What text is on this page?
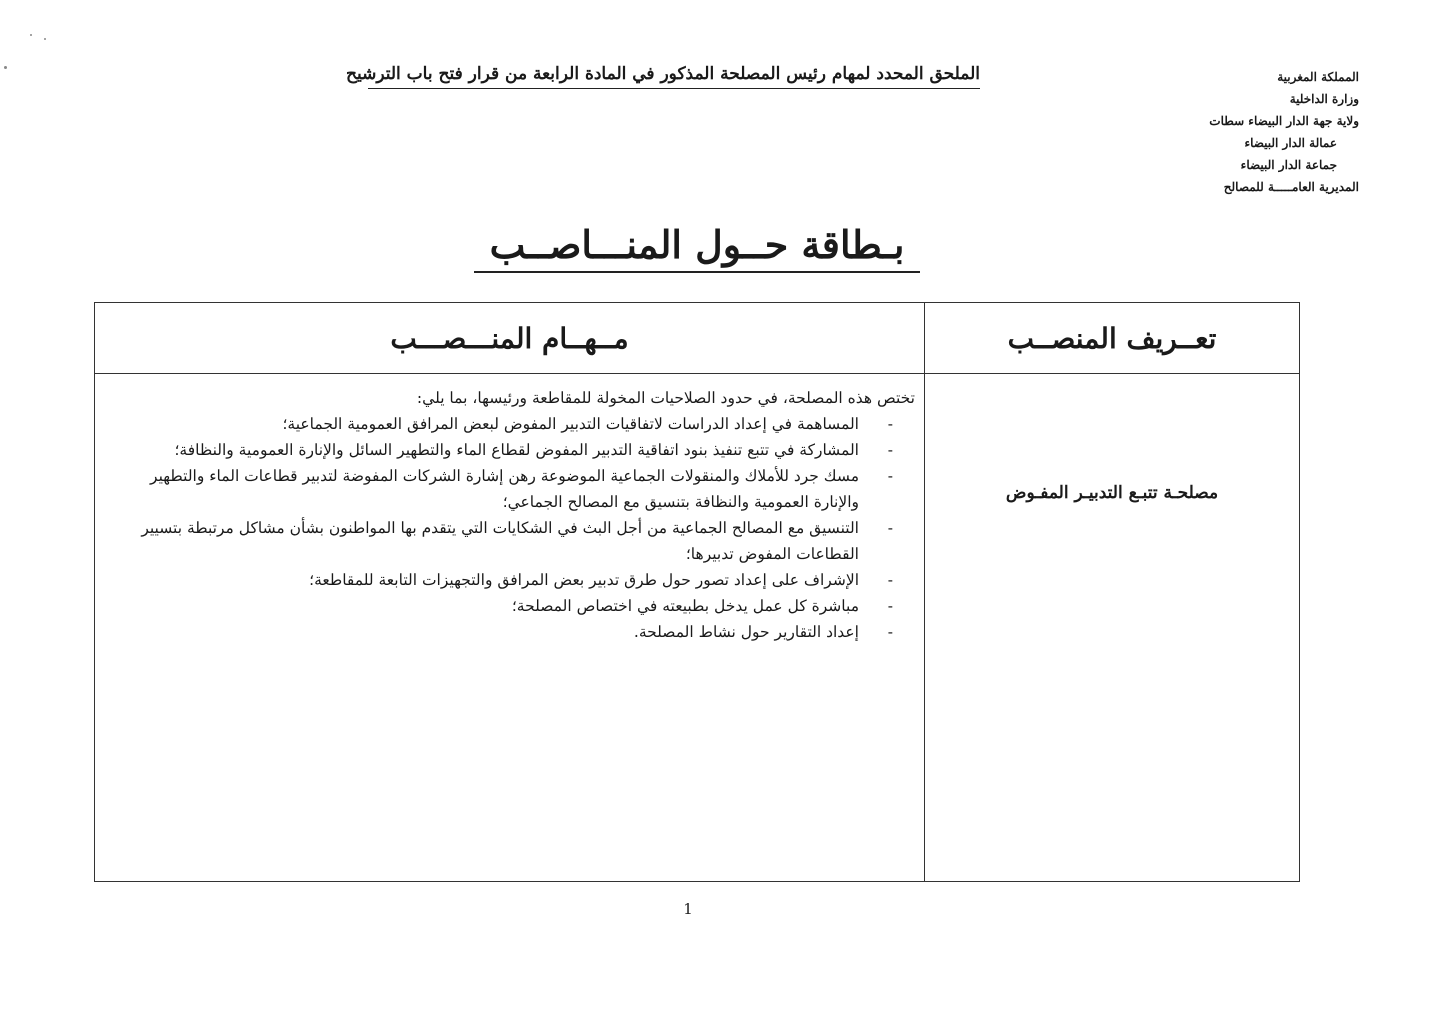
المملكة المغربية
وزارة الداخلية
ولاية جهة الدار البيضاء سطات
عمالة الدار البيضاء
جماعة الدار البيضاء
المديرية العامـــــة للمصالح
الملحق المحدد لمهام رئيس المصلحة المذكور في المادة الرابعة من قرار فتح باب الترشيح
بـطاقة حــول المنـــاصــب
تعــريف المنصــب
مــهــام المنـــصـــب
مصلحـة تتبـع التدبيـر المفـوض
تختص هذه المصلحة، في حدود الصلاحيات المخولة للمقاطعة ورئيسها، بما يلي:
-
المساهمة في إعداد الدراسات لاتفاقيات التدبير المفوض لبعض المرافق العمومية الجماعية؛
-
المشاركة في تتبع تنفيذ بنود اتفاقية التدبير المفوض لقطاع الماء والتطهير السائل والإنارة العمومية والنظافة؛
-
مسك جرد للأملاك والمنقولات الجماعية الموضوعة رهن إشارة الشركات المفوضة لتدبير قطاعات الماء والتطهير والإنارة العمومية والنظافة بتنسيق مع المصالح الجماعي؛
-
التنسيق مع المصالح الجماعية من أجل البث في الشكايات التي يتقدم بها المواطنون بشأن مشاكل مرتبطة بتسيير القطاعات المفوض تدبيرها؛
-
الإشراف على إعداد تصور حول طرق تدبير بعض المرافق والتجهيزات التابعة للمقاطعة؛
-
مباشرة كل عمل يدخل بطبيعته في اختصاص المصلحة؛
-
إعداد التقارير حول نشاط المصلحة.
1
